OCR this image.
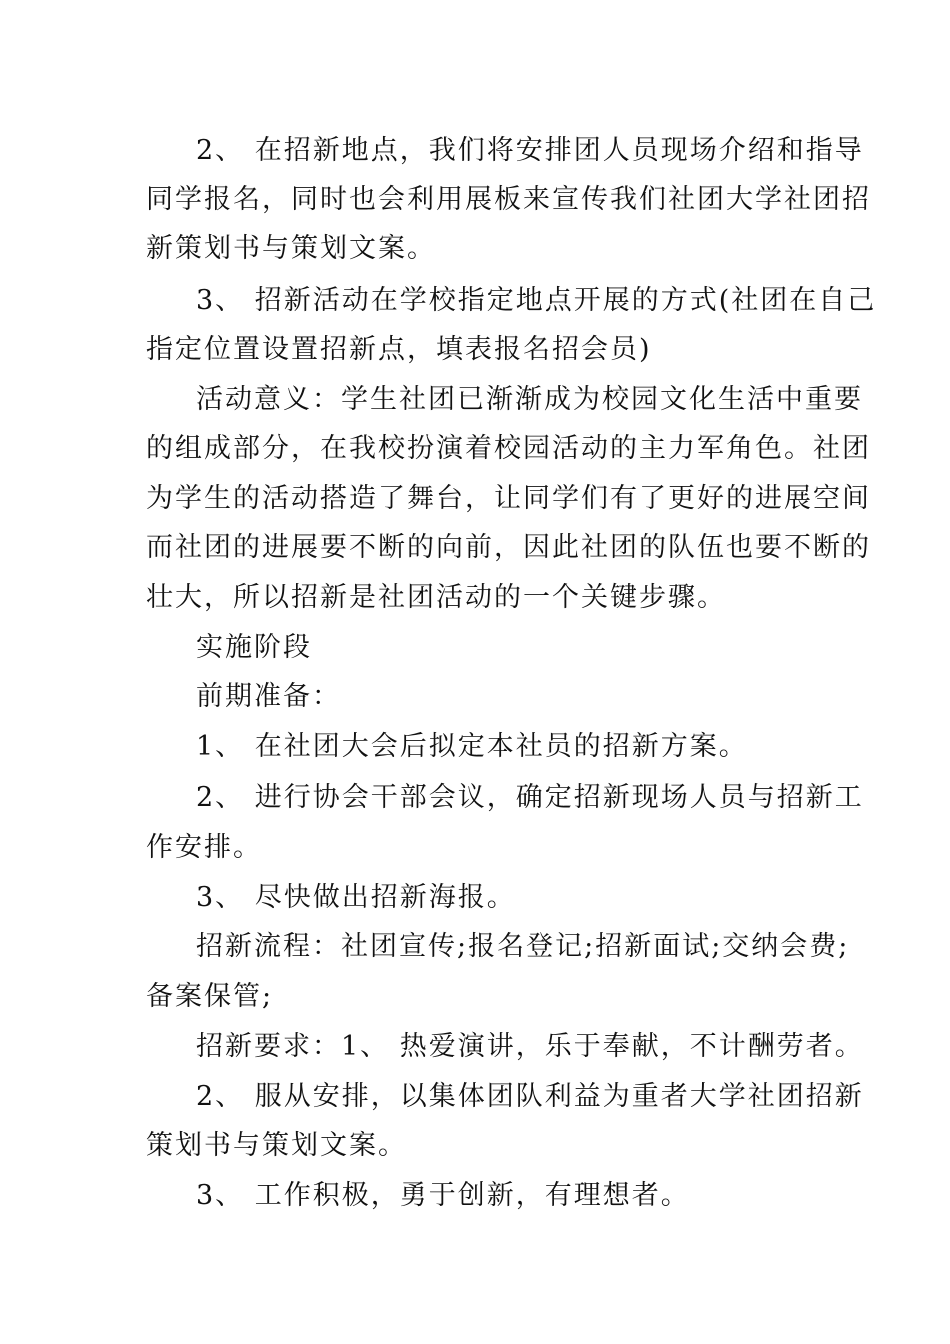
2、 在招新地点，我们将安排团人员现场介绍和指导
同学报名，同时也会利用展板来宣传我们社团大学社团招
新策划书与策划文案。
3、 招新活动在学校指定地点开展的方式(社团在自己
指定位置设置招新点，填表报名招会员)
活动意义：学生社团已渐渐成为校园文化生活中重要
的组成部分，在我校扮演着校园活动的主力军角色。社团
为学生的活动搭造了舞台，让同学们有了更好的进展空间
而社团的进展要不断的向前，因此社团的队伍也要不断的
壮大，所以招新是社团活动的一个关键步骤。
实施阶段
前期准备：
1、 在社团大会后拟定本社员的招新方案。
2、 进行协会干部会议，确定招新现场人员与招新工
作安排。
3、 尽快做出招新海报。
招新流程：社团宣传;报名登记;招新面试;交纳会费;
备案保管;
招新要求：1、 热爱演讲，乐于奉献，不计酬劳者。
2、 服从安排，以集体团队利益为重者大学社团招新
策划书与策划文案。
3、 工作积极，勇于创新，有理想者。
